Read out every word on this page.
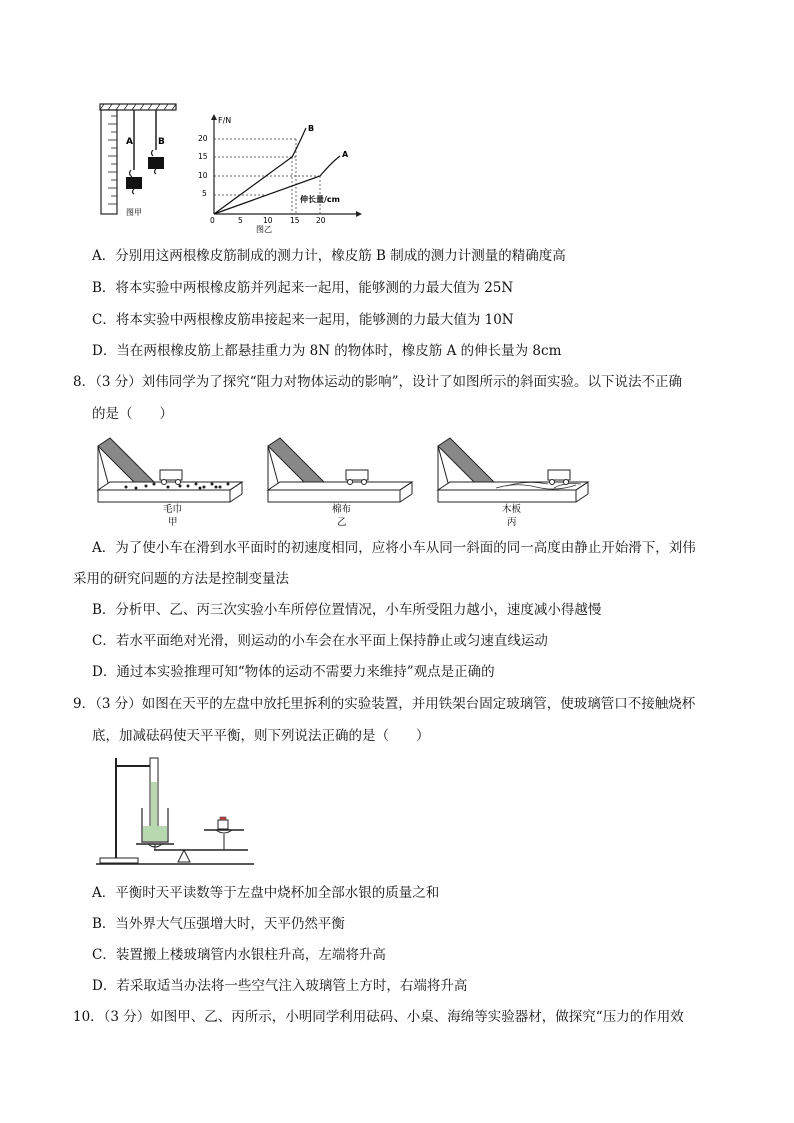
A	B
图甲
F/N
5
10
15
20
0	5	10 15 20
伸长量/cm
B
A
图乙
A．分别用这两根橡皮筋制成的测力计，橡皮筋 B 制成的测力计测量的精确度高
B．将本实验中两根橡皮筋并列起来一起用，能够测的力最大值为 25N
C．将本实验中两根橡皮筋串接起来一起用，能够测的力最大值为 10N
D．当在两根橡皮筋上都悬挂重力为 8N 的物体时，橡皮筋 A 的伸长量为 8cm
8．（3 分）刘伟同学为了探究“阻力对物体运动的影响”，设计了如图所示的斜面实验。以下说法不正确
的是（　　）
毛巾
甲
棉布
乙
木板
丙
A．为了使小车在滑到水平面时的初速度相同，应将小车从同一斜面的同一高度由静止开始滑下，刘伟
采用的研究问题的方法是控制变量法
B．分析甲、乙、丙三次实验小车所停位置情况，小车所受阻力越小，速度减小得越慢
C．若水平面绝对光滑，则运动的小车会在水平面上保持静止或匀速直线运动
D．通过本实验推理可知“物体的运动不需要力来维持”观点是正确的
9．（3 分）如图在天平的左盘中放托里拆利的实验装置，并用铁架台固定玻璃管，使玻璃管口不接触烧杯
底，加减砝码使天平平衡，则下列说法正确的是（　　）
A．平衡时天平读数等于左盘中烧杯加全部水银的质量之和
B．当外界大气压强增大时，天平仍然平衡
C．装置搬上楼玻璃管内水银柱升高，左端将升高
D．若采取适当办法将一些空气注入玻璃管上方时，右端将升高
10．（3 分）如图甲、乙、丙所示，小明同学利用砝码、小桌、海绵等实验器材，做探究“压力的作用效
